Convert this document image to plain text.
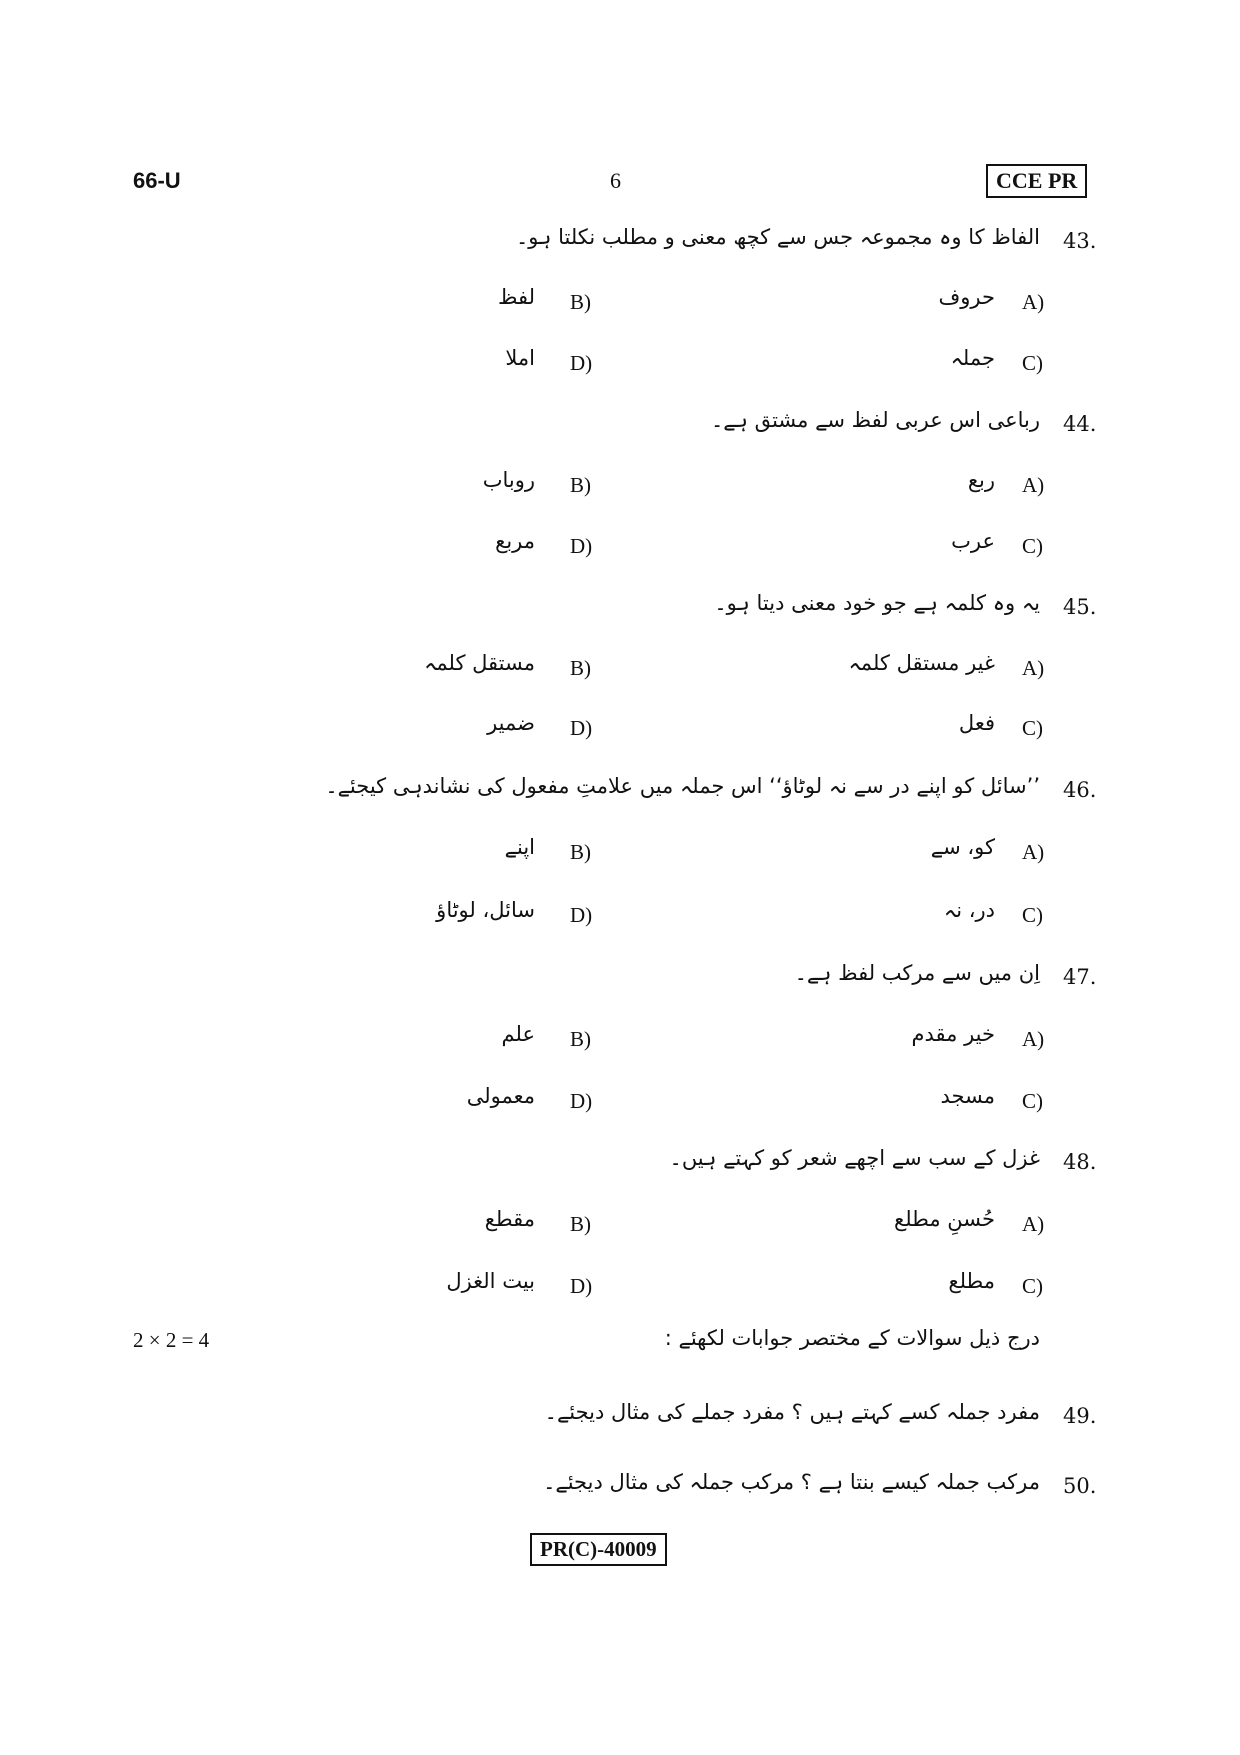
66-U	6	CCE PR
43.
الفاظ کا وہ مجموعہ جس سے کچھ معنی و مطلب نکلتا ہو۔
A)
حروف
B)
لفظ
C)
جملہ
D)
املا
44.
رباعی اس عربی لفظ سے مشتق ہے۔
A)
ربع
B)
روباب
C)
عرب
D)
مربع
45.
یہ وہ کلمہ ہے جو خود معنی دیتا ہو۔
A)
غیر مستقل کلمہ
B)
مستقل کلمہ
C)
فعل
D)
ضمیر
46.
’’سائل کو اپنے در سے نہ لوٹاؤ‘‘ اس جملہ میں علامتِ مفعول کی نشاندہی کیجئے۔
A)
کو، سے
B)
اپنے
C)
در، نہ
D)
سائل، لوٹاؤ
47.
اِن میں سے مرکب لفظ ہے۔
A)
خیر مقدم
B)
علم
C)
مسجد
D)
معمولی
48.
غزل کے سب سے اچھے شعر کو کہتے ہیں۔
A)
حُسنِ مطلع
B)
مقطع
C)
مطلع
D)
بیت الغزل
درج ذیل سوالات کے مختصر جوابات لکھئے :
2 × 2 = 4
49.
مفرد جملہ کسے کہتے ہیں ؟ مفرد جملے کی مثال دیجئے۔
50.
مرکب جملہ کیسے بنتا ہے ؟ مرکب جملہ کی مثال دیجئے۔
PR(C)-40009
